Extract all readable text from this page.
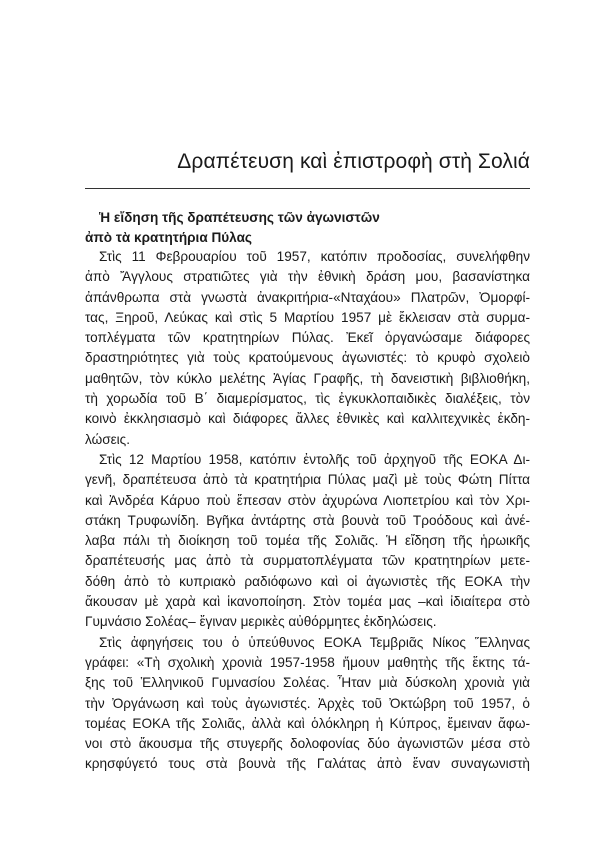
Δραπέτευση καὶ ἐπιστροφὴ στὴ Σολιά
Ἡ εἴδηση τῆς δραπέτευσης τῶν ἀγωνιστῶν
ἀπὸ τὰ κρατητήρια Πύλας
Στὶς 11 Φεβρουαρίου τοῦ 1957, κατόπιν προδοσίας, συνελήφθην
ἀπὸ Ἄγγλους στρατιῶτες γιὰ τὴν ἐθνικὴ δράση μου, βασανίστηκα
ἀπάνθρωπα στὰ γνωστὰ ἀνακριτήρια-«Νταχάου» Πλατρῶν, Ὀμορφί-
τας, Ξηροῦ, Λεύκας καὶ στὶς 5 Μαρτίου 1957 μὲ ἔκλεισαν στὰ συρμα-
τοπλέγματα τῶν κρατητηρίων Πύλας. Ἐκεῖ ὀργανώσαμε διάφορες
δραστηριότητες γιὰ τοὺς κρατούμενους ἀγωνιστές: τὸ κρυφὸ σχολειὸ
μαθητῶν, τὸν κύκλο μελέτης Ἁγίας Γραφῆς, τὴ δανειστικὴ βιβλιοθήκη,
τὴ χορωδία τοῦ Β΄ διαμερίσματος, τὶς ἐγκυκλοπαιδικὲς διαλέξεις, τὸν
κοινὸ ἐκκλησιασμὸ καὶ διάφορες ἄλλες ἐθνικὲς καὶ καλλιτεχνικὲς ἐκδη-
λώσεις.
Στὶς 12 Μαρτίου 1958, κατόπιν ἐντολῆς τοῦ ἀρχηγοῦ τῆς ΕΟΚΑ Δι-
γενῆ, δραπέτευσα ἀπὸ τὰ κρατητήρια Πύλας μαζὶ μὲ τοὺς Φώτη Πίττα
καὶ Ἀνδρέα Κάρυο ποὺ ἔπεσαν στὸν ἀχυρώνα Λιοπετρίου καὶ τὸν Χρι-
στάκη Τρυφωνίδη. Βγῆκα ἀντάρτης στὰ βουνὰ τοῦ Τροόδους καὶ ἀνέ-
λαβα πάλι τὴ διοίκηση τοῦ τομέα τῆς Σολιᾶς. Ἡ εἴδηση τῆς ἡρωικῆς
δραπέτευσής μας ἀπὸ τὰ συρματοπλέγματα τῶν κρατητηρίων μετε-
δόθη ἀπὸ τὸ κυπριακὸ ραδιόφωνο καὶ οἱ ἀγωνιστὲς τῆς ΕΟΚΑ τὴν
ἄκουσαν μὲ χαρὰ καὶ ἱκανοποίηση. Στὸν τομέα μας –καὶ ἰδιαίτερα στὸ
Γυμνάσιο Σολέας– ἔγιναν μερικὲς αὐθόρμητες ἐκδηλώσεις.
Στὶς ἀφηγήσεις του ὁ ὑπεύθυνος ΕΟΚΑ Τεμβριᾶς Νίκος Ἕλληνας
γράφει: «Τὴ σχολικὴ χρονιὰ 1957-1958 ἤμουν μαθητὴς τῆς ἕκτης τά-
ξης τοῦ Ἑλληνικοῦ Γυμνασίου Σολέας. Ἦταν μιὰ δύσκολη χρονιὰ γιὰ
τὴν Ὀργάνωση καὶ τοὺς ἀγωνιστές. Ἀρχὲς τοῦ Ὀκτώβρη τοῦ 1957, ὁ
τομέας ΕΟΚΑ τῆς Σολιᾶς, ἀλλὰ καὶ ὁλόκληρη ἡ Κύπρος, ἔμειναν ἄφω-
νοι στὸ ἄκουσμα τῆς στυγερῆς δολοφονίας δύο ἀγωνιστῶν μέσα στὸ
κρησφύγετό τους στὰ βουνὰ τῆς Γαλάτας ἀπὸ ἕναν συναγωνιστὴ
